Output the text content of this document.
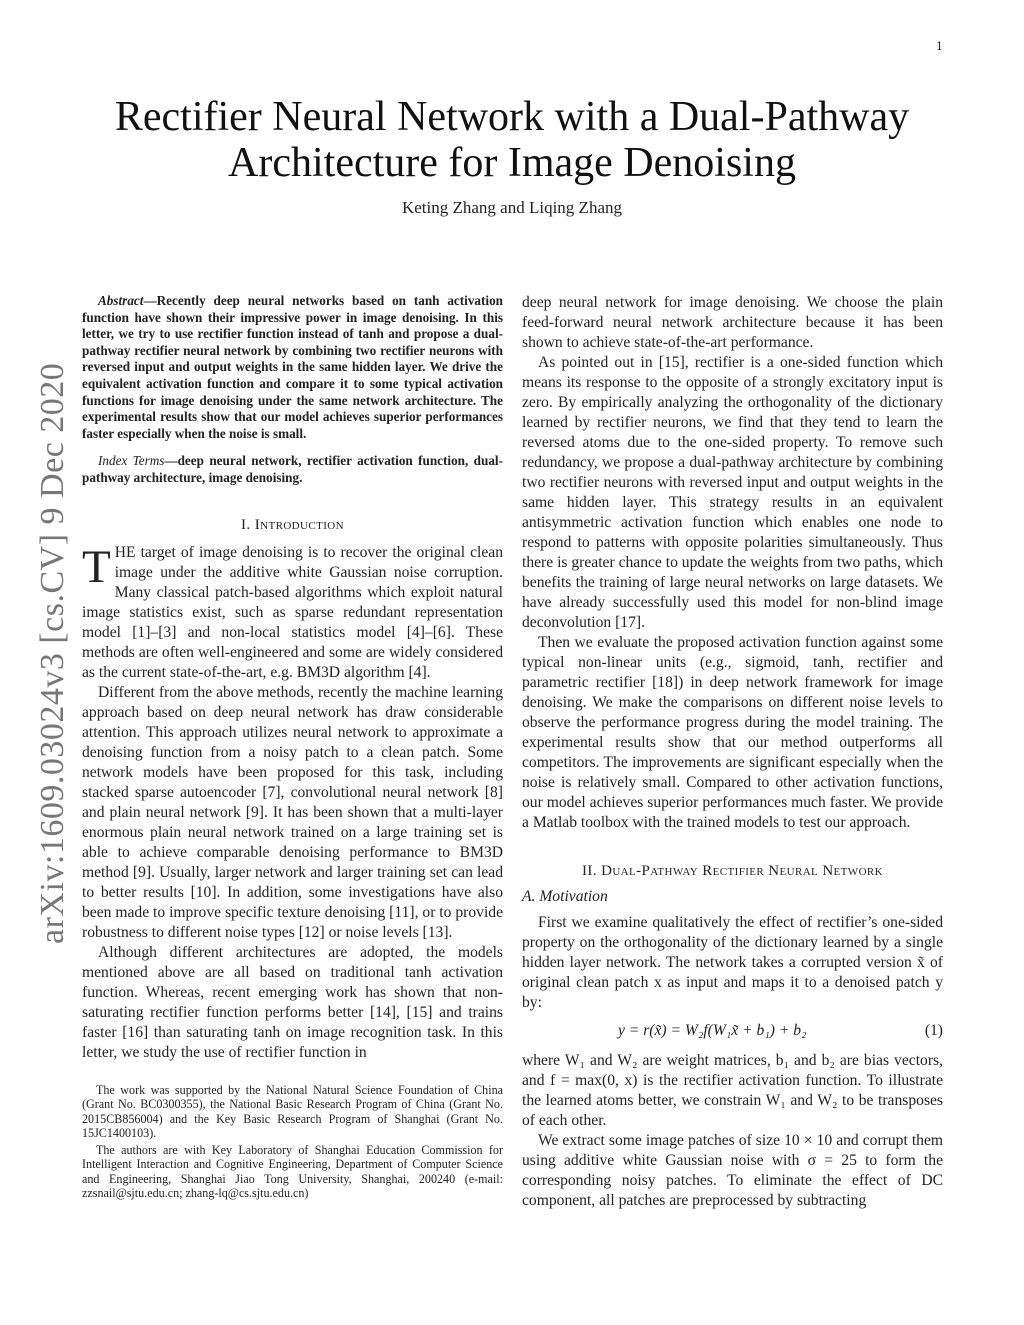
1
arXiv:1609.03024v3 [cs.CV] 9 Dec 2020
Rectifier Neural Network with a Dual-Pathway
Architecture for Image Denoising
Keting Zhang and Liqing Zhang

Abstract—Recently deep neural networks based on tanh activation function have shown their impressive power in image denoising. In this letter, we try to use rectifier function instead of tanh and propose a dual-pathway rectifier neural network by combining two rectifier neurons with reversed input and output weights in the same hidden layer. We drive the equivalent activation function and compare it to some typical activation functions for image denoising under the same network architecture. The experimental results show that our model achieves superior performances faster especially when the noise is small.

Index Terms—deep neural network, rectifier activation function, dual-pathway architecture, image denoising.

I. Introduction

THE target of image denoising is to recover the original clean image under the additive white Gaussian noise corruption. Many classical patch-based algorithms which exploit natural image statistics exist, such as sparse redundant representation model [1]–[3] and non-local statistics model [4]–[6]. These methods are often well-engineered and some are widely considered as the current state-of-the-art, e.g. BM3D algorithm [4].

Different from the above methods, recently the machine learning approach based on deep neural network has draw considerable attention. This approach utilizes neural network to approximate a denoising function from a noisy patch to a clean patch. Some network models have been proposed for this task, including stacked sparse autoencoder [7], convolutional neural network [8] and plain neural network [9]. It has been shown that a multi-layer enormous plain neural network trained on a large training set is able to achieve comparable denoising performance to BM3D method [9]. Usually, larger network and larger training set can lead to better results [10]. In addition, some investigations have also been made to improve specific texture denoising [11], or to provide robustness to different noise types [12] or noise levels [13].

Although different architectures are adopted, the models mentioned above are all based on traditional tanh activation function. Whereas, recent emerging work has shown that non-saturating rectifier function performs better [14], [15] and trains faster [16] than saturating tanh on image recognition task. In this letter, we study the use of rectifier function in

The work was supported by the National Natural Science Foundation of China (Grant No. BC0300355), the National Basic Research Program of China (Grant No. 2015CB856004) and the Key Basic Research Program of Shanghai (Grant No. 15JC1400103).

The authors are with Key Laboratory of Shanghai Education Commission for Intelligent Interaction and Cognitive Engineering, Department of Computer Science and Engineering, Shanghai Jiao Tong University, Shanghai, 200240 (e-mail: zzsnail@sjtu.edu.cn; zhang-lq@cs.sjtu.edu.cn)

deep neural network for image denoising. We choose the plain feed-forward neural network architecture because it has been shown to achieve state-of-the-art performance.

As pointed out in [15], rectifier is a one-sided function which means its response to the opposite of a strongly excitatory input is zero. By empirically analyzing the orthogonality of the dictionary learned by rectifier neurons, we find that they tend to learn the reversed atoms due to the one-sided property. To remove such redundancy, we propose a dual-pathway architecture by combining two rectifier neurons with reversed input and output weights in the same hidden layer. This strategy results in an equivalent antisymmetric activation function which enables one node to respond to patterns with opposite polarities simultaneously. Thus there is greater chance to update the weights from two paths, which benefits the training of large neural networks on large datasets. We have already successfully used this model for non-blind image deconvolution [17].

Then we evaluate the proposed activation function against some typical non-linear units (e.g., sigmoid, tanh, rectifier and parametric rectifier [18]) in deep network framework for image denoising. We make the comparisons on different noise levels to observe the performance progress during the model training. The experimental results show that our method outperforms all competitors. The improvements are significant especially when the noise is relatively small. Compared to other activation functions, our model achieves superior performances much faster. We provide a Matlab toolbox with the trained models to test our approach.

II. Dual-Pathway Rectifier Neural Network
A. Motivation

First we examine qualitatively the effect of rectifier’s one-sided property on the orthogonality of the dictionary learned by a single hidden layer network. The network takes a corrupted version x̃ of original clean patch x as input and maps it to a denoised patch y by:

y = r(x̃) = W₂f(W₁x̃ + b₁) + b₂	(1)

where W₁ and W₂ are weight matrices, b₁ and b₂ are bias vectors, and f = max(0, x) is the rectifier activation function. To illustrate the learned atoms better, we constrain W₁ and W₂ to be transposes of each other.

We extract some image patches of size 10 × 10 and corrupt them using additive white Gaussian noise with σ = 25 to form the corresponding noisy patches. To eliminate the effect of DC component, all patches are preprocessed by subtracting
